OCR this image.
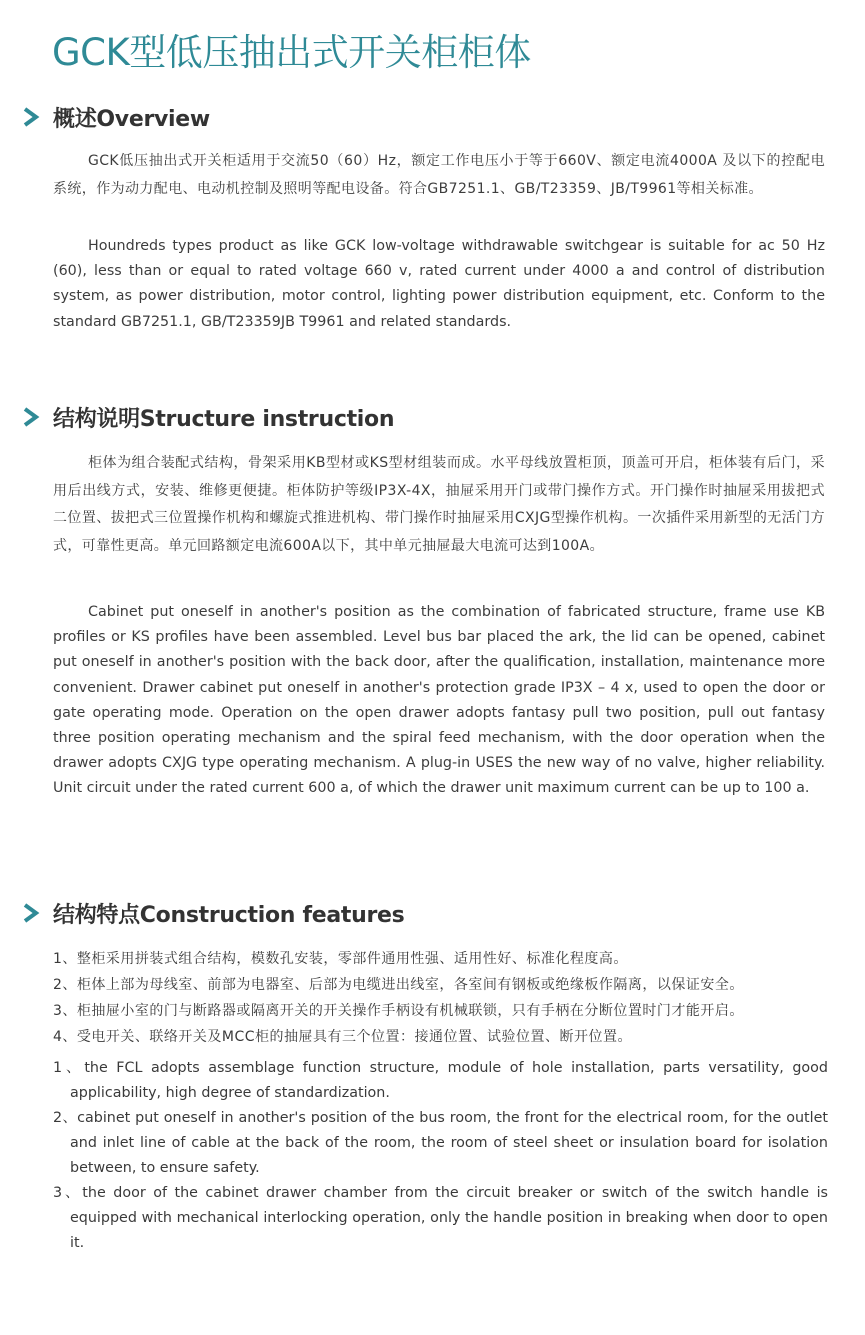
GCK型低压抽出式开关柜柜体
概述Overview

GCK低压抽出式开关柜适用于交流50（60）Hz，额定工作电压小于等于660V、额定电流4000A 及以下的控配电系统，作为动力配电、电动机控制及照明等配电设备。符合GB7251.1、GB/T23359、JB/T9961等相关标准。

Houndreds types product as like GCK low-voltage withdrawable switchgear is suitable for ac 50 Hz (60), less than or equal to rated voltage 660 v, rated current under 4000 a and control of distribution system, as power distribution, motor control, lighting power distribution equipment, etc. Conform to the standard GB7251.1, GB/T23359JB T9961 and related standards.

结构说明Structure instruction

柜体为组合装配式结构，骨架采用KB型材或KS型材组装而成。水平母线放置柜顶，顶盖可开启，柜体装有后门，采用后出线方式，安装、维修更便捷。柜体防护等级IP3X-4X，抽屉采用开门或带门操作方式。开门操作时抽屉采用拔把式二位置、拔把式三位置操作机构和螺旋式推进机构、带门操作时抽屉采用CXJG型操作机构。一次插件采用新型的无活门方式，可靠性更高。单元回路额定电流600A以下，其中单元抽屉最大电流可达到100A。

Cabinet put oneself in another's position as the combination of fabricated structure, frame use KB profiles or KS profiles have been assembled. Level bus bar placed the ark, the lid can be opened, cabinet put oneself in another's position with the back door, after the qualification, installation, maintenance more convenient. Drawer cabinet put oneself in another's protection grade IP3X – 4 x, used to open the door or gate operating mode. Operation on the open drawer adopts fantasy pull two position, pull out fantasy three position operating mechanism and the spiral feed mechanism, with the door operation when the drawer adopts CXJG type operating mechanism. A plug-in USES the new way of no valve, higher reliability. Unit circuit under the rated current 600 a, of which the drawer unit maximum current can be up to 100 a.

结构特点Construction features
1、整柜采用拼装式组合结构，模数孔安装，零部件通用性强、适用性好、标准化程度高。
2、柜体上部为母线室、前部为电器室、后部为电缆进出线室，各室间有钢板或绝缘板作隔离，以保证安全。
3、柜抽屉小室的门与断路器或隔离开关的开关操作手柄设有机械联锁，只有手柄在分断位置时门才能开启。
4、受电开关、联络开关及MCC柜的抽屉具有三个位置：接通位置、试验位置、断开位置。
1、the FCL adopts assemblage function structure, module of hole installation, parts versatility, good applicability, high degree of standardization.
2、cabinet put oneself in another's position of the bus room, the front for the electrical room, for the outlet and inlet line of cable at the back of the room, the room of steel sheet or insulation board for isolation between, to ensure safety.
3、the door of the cabinet drawer chamber from the circuit breaker or switch of the switch handle is equipped with mechanical interlocking operation, only the handle position in breaking when door to open it.
